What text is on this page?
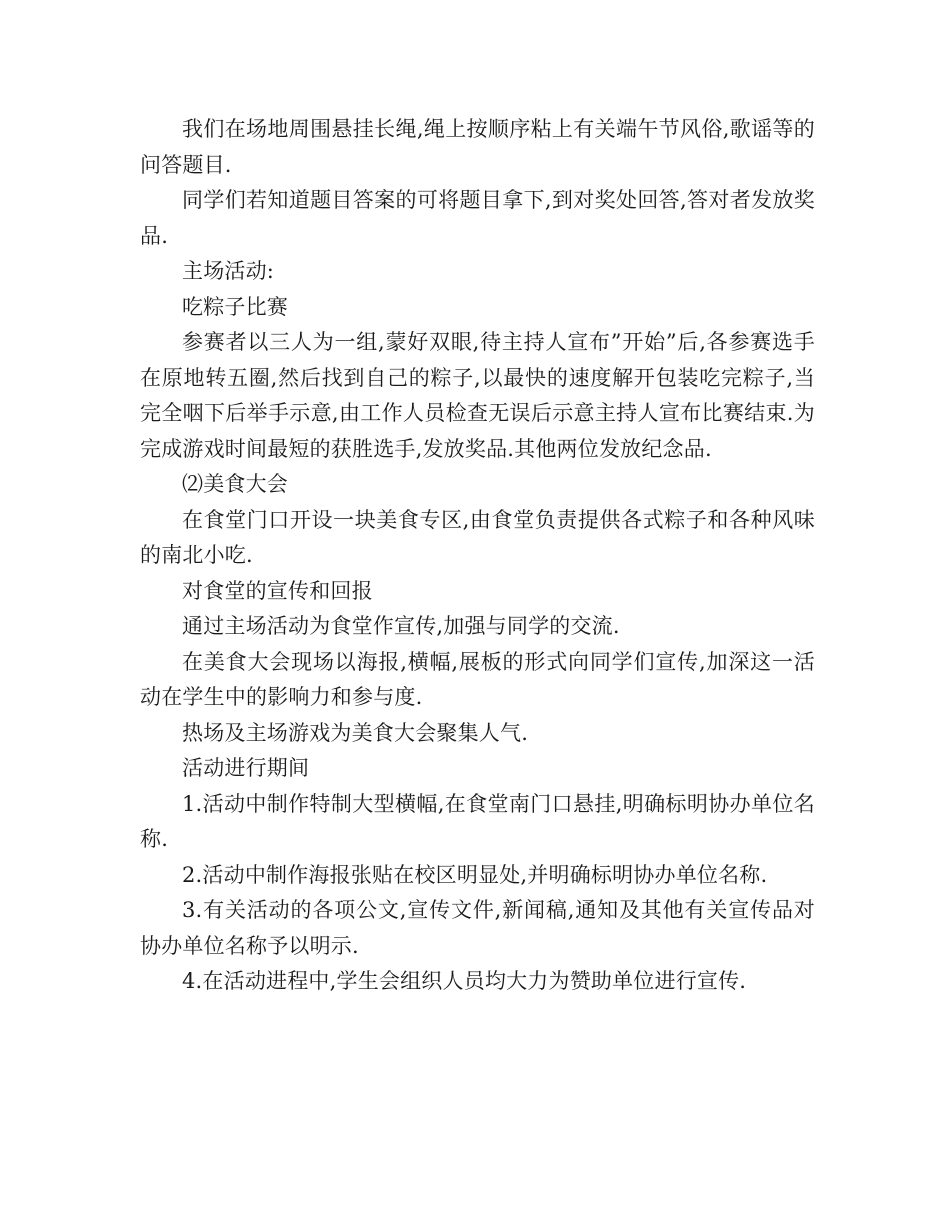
我们在场地周围悬挂长绳,绳上按顺序粘上有关端午节风俗,歌谣等的问答题目.

同学们若知道题目答案的可将题目拿下,到对奖处回答,答对者发放奖品.

主场活动:

吃粽子比赛

参赛者以三人为一组,蒙好双眼,待主持人宣布”开始”后,各参赛选手在原地转五圈,然后找到自己的粽子,以最快的速度解开包装吃完粽子,当完全咽下后举手示意,由工作人员检查无误后示意主持人宣布比赛结束.为完成游戏时间最短的获胜选手,发放奖品.其他两位发放纪念品.

⑵美食大会

在食堂门口开设一块美食专区,由食堂负责提供各式粽子和各种风味的南北小吃.

对食堂的宣传和回报

通过主场活动为食堂作宣传,加强与同学的交流.

在美食大会现场以海报,横幅,展板的形式向同学们宣传,加深这一活动在学生中的影响力和参与度.

热场及主场游戏为美食大会聚集人气.

活动进行期间

1.活动中制作特制大型横幅,在食堂南门口悬挂,明确标明协办单位名称.

2.活动中制作海报张贴在校区明显处,并明确标明协办单位名称.

3.有关活动的各项公文,宣传文件,新闻稿,通知及其他有关宣传品对协办单位名称予以明示.

4.在活动进程中,学生会组织人员均大力为赞助单位进行宣传.
